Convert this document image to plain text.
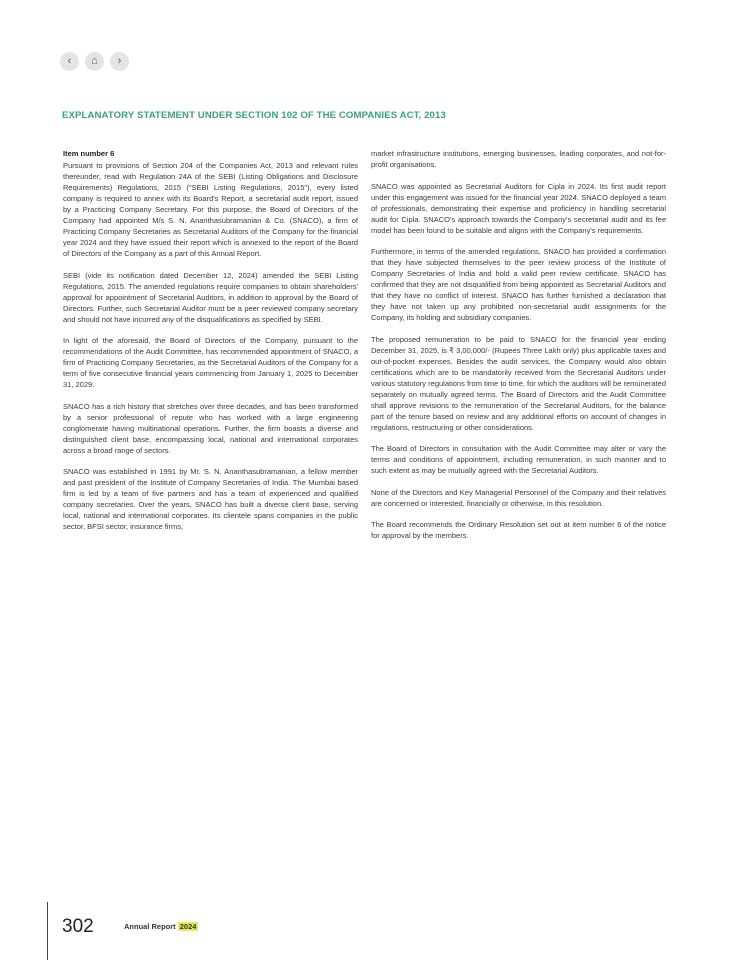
‹ ⌂ ›
EXPLANATORY STATEMENT UNDER SECTION 102 OF THE COMPANIES ACT, 2013
Item number 6

Pursuant to provisions of Section 204 of the Companies Act, 2013 and relevant rules thereunder, read with Regulation 24A of the SEBI (Listing Obligations and Disclosure Requirements) Regulations, 2015 ("SEBI Listing Regulations, 2015"), every listed company is required to annex with its Board's Report, a secretarial audit report, issued by a Practicing Company Secretary. For this purpose, the Board of Directors of the Company had appointed M/s S. N. Ananthasubramanian & Co. (SNACO), a firm of Practicing Company Secretaries as Secretarial Auditors of the Company for the financial year 2024 and they have issued their report which is annexed to the report of the Board of Directors of the Company as a part of this Annual Report.

SEBI (vide its notification dated December 12, 2024) amended the SEBI Listing Regulations, 2015. The amended regulations require companies to obtain shareholders' approval for appointment of Secretarial Auditors, in addition to approval by the Board of Directors. Further, such Secretarial Auditor must be a peer reviewed company secretary and should not have incurred any of the disqualifications as specified by SEBI.

In light of the aforesaid, the Board of Directors of the Company, pursuant to the recommendations of the Audit Committee, has recommended appointment of SNACO, a firm of Practicing Company Secretaries, as the Secretarial Auditors of the Company for a term of five consecutive financial years commencing from January 1, 2025 to December 31, 2029.

SNACO has a rich history that stretches over three decades, and has been transformed by a senior professional of repute who has worked with a large engineering conglomerate having multinational operations. Further, the firm boasts a diverse and distinguished client base, encompassing local, national and international corporates across a broad range of sectors.

SNACO was established in 1991 by Mr. S. N. Ananthasubramanian, a fellow member and past president of the Institute of Company Secretaries of India. The Mumbai based firm is led by a team of five partners and has a team of experienced and qualified company secretaries. Over the years, SNACO has built a diverse client base, serving local, national and international corporates. Its clientele spans companies in the public sector, BFSI sector, insurance firms,

market infrastructure institutions, emerging businesses, leading corporates, and not-for-profit organisations.

SNACO was appointed as Secretarial Auditors for Cipla in 2024. Its first audit report under this engagement was issued for the financial year 2024. SNACO deployed a team of professionals, demonstrating their expertise and proficiency in handling secretarial audit for Cipla. SNACO's approach towards the Company's secretarial audit and its fee model has been found to be suitable and aligns with the Company's requirements.

Furthermore, in terms of the amended regulations, SNACO has provided a confirmation that they have subjected themselves to the peer review process of the Institute of Company Secretaries of India and hold a valid peer review certificate. SNACO has confirmed that they are not disqualified from being appointed as Secretarial Auditors and that they have no conflict of interest. SNACO has further furnished a declaration that they have not taken up any prohibited non-secretarial audit assignments for the Company, its holding and subsidiary companies.

The proposed remuneration to be paid to SNACO for the financial year ending December 31, 2025, is ₹ 3,00,000/- (Rupees Three Lakh only) plus applicable taxes and out-of-pocket expenses. Besides the audit services, the Company would also obtain certifications which are to be mandatorily received from the Secretarial Auditors under various statutory regulations from time to time, for which the auditors will be remunerated separately on mutually agreed terms. The Board of Directors and the Audit Committee shall approve revisions to the remuneration of the Secretarial Auditors, for the balance part of the tenure based on review and any additional efforts on account of changes in regulations, restructuring or other considerations.

The Board of Directors in consultation with the Audit Committee may alter or vary the terms and conditions of appointment, including remuneration, in such manner and to such extent as may be mutually agreed with the Secretarial Auditors.

None of the Directors and Key Managerial Personnel of the Company and their relatives are concerned or interested, financially or otherwise, in this resolution.

The Board recommends the Ordinary Resolution set out at item number 6 of the notice for approval by the members.

302	Annual Report 2024
